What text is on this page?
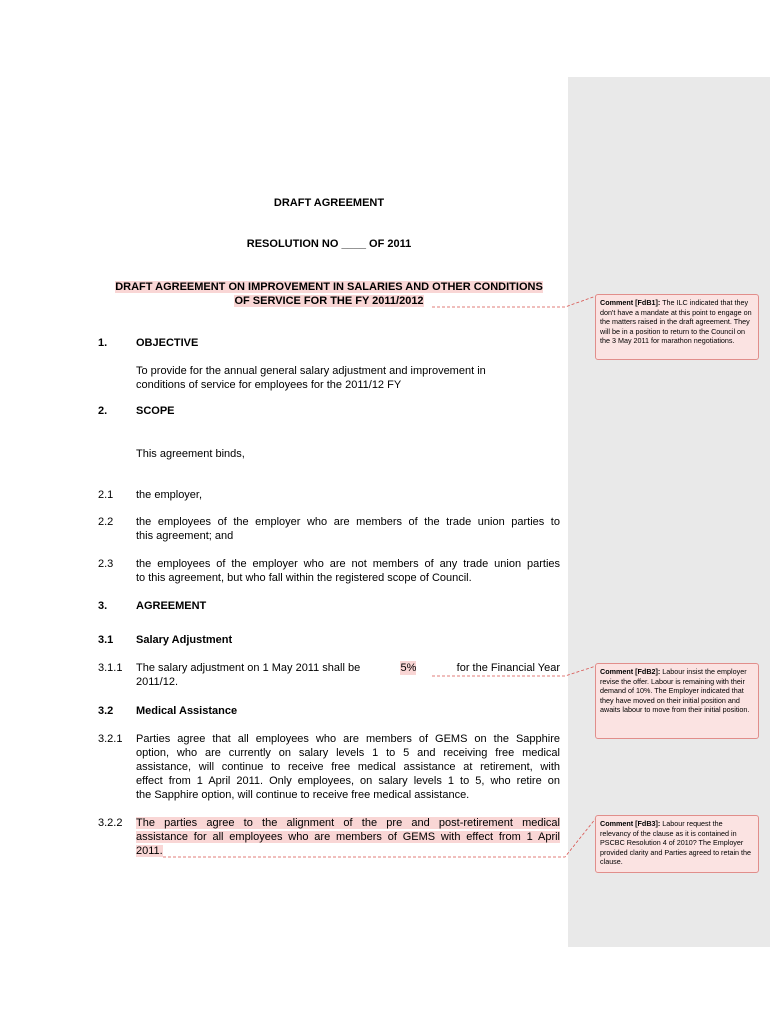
DRAFT AGREEMENT
RESOLUTION NO ____ OF 2011
DRAFT AGREEMENT ON IMPROVEMENT IN SALARIES AND OTHER CONDITIONS
OF SERVICE FOR THE FY 2011/2012
1.	OBJECTIVE
To provide for the annual general salary adjustment and improvement in
conditions of service for employees for the 2011/12 FY
2.	SCOPE
This agreement binds,
2.1 the employer,
2.2 the employees of the employer who are members of the trade union parties to
this agreement; and
2.3 the employees of the employer who are not members of any trade union parties
to this agreement, but who fall within the registered scope of Council.
3.	AGREEMENT
3.1 Salary Adjustment
3.1.1 The salary adjustment on 1 May 2011 shall be	5%	for the Financial Year
2011/12.
3.2 Medical Assistance
3.2.1 Parties agree that all employees who are members of GEMS on the Sapphire
option, who are currently on salary levels 1 to 5 and receiving free medical
assistance, will continue to receive free medical assistance at retirement, with
effect from 1 April 2011. Only employees, on salary levels 1 to 5, who retire on
the Sapphire option, will continue to receive free medical assistance.
3.2.2 The parties agree to the alignment of the pre and post-retirement medical
assistance for all employees who are members of GEMS with effect from 1 April
2011.
Comment [FdB1]: The ILC indicated that they don't have a mandate at this point to engage on the matters raised in the draft agreement. They will be in a position to return to the Council on the 3 May 2011 for marathon negotiations.
Comment [FdB2]: Labour insist the employer revise the offer. Labour is remaining with their demand of 10%. The Employer indicated that they have moved on their initial position and awaits labour to move from their initial position.
Comment [FdB3]: Labour request the relevancy of the clause as it is contained in PSCBC Resolution 4 of 2010? The Employer provided clarity and Parties agreed to retain the clause.
